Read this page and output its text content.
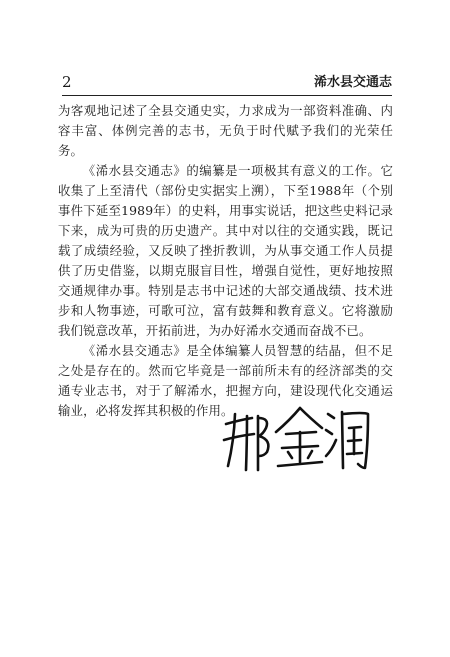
2	浠水县交通志

为客观地记述了全县交通史实，力求成为一部资料准确、内容丰富、体例完善的志书，无负于时代赋予我们的光荣任务。

《浠水县交通志》的编纂是一项极其有意义的工作。它收集了上至清代（部份史实据实上溯），下至1988年（个别事件下延至1989年）的史料，用事实说话，把这些史料记录下来，成为可贵的历史遗产。其中对以往的交通实践，既记载了成绩经验，又反映了挫折教训，为从事交通工作人员提供了历史借鉴，以期克服盲目性，增强自觉性，更好地按照交通规律办事。特别是志书中记述的大部交通战绩、技术进步和人物事迹，可歌可泣，富有鼓舞和教育意义。它将激励我们锐意改革，开拓前进，为办好浠水交通而奋战不已。

《浠水县交通志》是全体编纂人员智慧的结晶，但不足之处是存在的。然而它毕竟是一部前所未有的经济部类的交通专业志书，对于了解浠水，把握方向，建设现代化交通运输业，必将发挥其积极的作用。
